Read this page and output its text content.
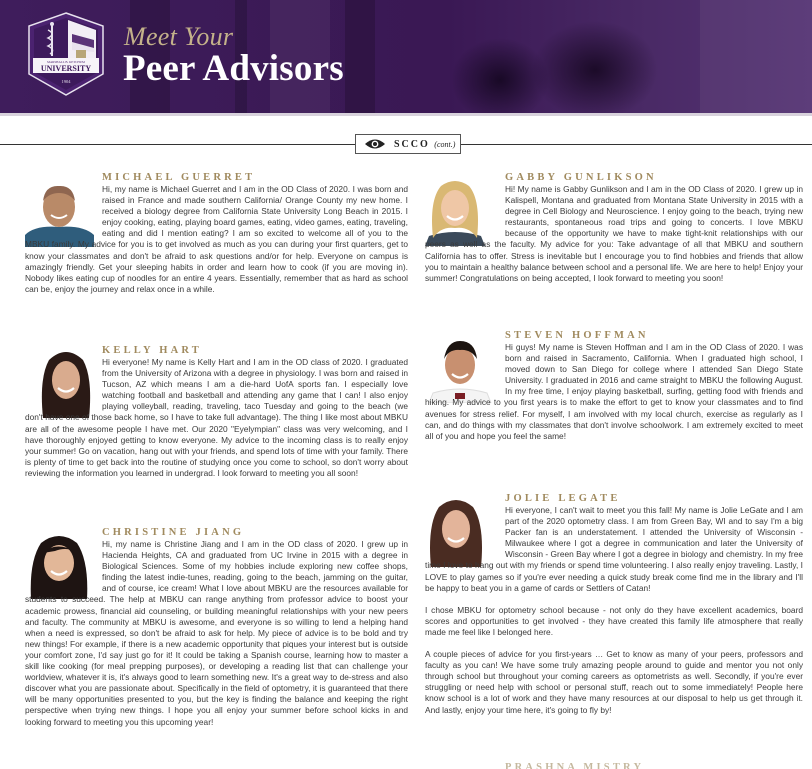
MARSHALL B. KETCHUM
UNIVERSITY
1904
Meet Your
Peer Advisors
SCCO (cont.)
MICHAEL GUERRET

Hi, my name is Michael Guerret and I am in the OD Class of 2020. I was born and raised in France and made southern California/ Orange County my new home. I received a biology degree from California State University Long Beach in 2015. I enjoy cooking, eating, playing board games, eating, video games, eating, traveling, eating and did I mention eating? I am so excited to welcome all of you to the MBKU family. My advice for you is to get involved as much as you can during your first quarters, get to know your classmates and don't be afraid to ask questions and/or for help. Everyone on campus is amazingly friendly. Get your sleeping habits in order and learn how to cook (if you are moving in). Nobody likes eating cup of noodles for an entire 4 years. Essentially, remember that as hard as school can be, enjoy the journey and relax once in a while.

KELLY HART

Hi everyone! My name is Kelly Hart and I am in the OD class of 2020. I graduated from the University of Arizona with a degree in physiology. I was born and raised in Tucson, AZ which means I am a die-hard UofA sports fan. I especially love watching football and basketball and attending any game that I can! I also enjoy playing volleyball, reading, traveling, taco Tuesday and going to the beach (we don't have one of those back home, so I have to take full advantage). The thing I like most about MBKU are all of the awesome people I have met. Our 2020 "Eyelympian" class was very welcoming, and I have thoroughly enjoyed getting to know everyone. My advice to the incoming class is to really enjoy your summer! Go on vacation, hang out with your friends, and spend lots of time with your family. There is plenty of time to get back into the routine of studying once you come to school, so don't worry about reviewing the information you learned in undergrad. I look forward to meeting you all soon!

CHRISTINE JIANG

Hi, my name is Christine Jiang and I am in the OD class of 2020. I grew up in Hacienda Heights, CA and graduated from UC Irvine in 2015 with a degree in Biological Sciences. Some of my hobbies include exploring new coffee shops, finding the latest indie-tunes, reading, going to the beach, jamming on the guitar, and of course, ice cream! What I love about MBKU are the resources available for students to succeed. The help at MBKU can range anything from professor advice to boost your academic prowess, financial aid counseling, or building meaningful relationships with your new peers and faculty. The community at MBKU is awesome, and everyone is so willing to lend a helping hand when a need is expressed, so don't be afraid to ask for help. My piece of advice is to be bold and try new things! For example, if there is a new academic opportunity that piques your interest but is outside your comfort zone, I'd say just go for it! It could be taking a Spanish course, learning how to master a skill like cooking (for meal prepping purposes), or developing a reading list that can challenge your worldview, whatever it is, it's always good to learn something new. It's a great way to de-stress and also discover what you are passionate about. Specifically in the field of optometry, it is guaranteed that there will be many opportunities presented to you, but the key is finding the balance and keeping the right perspective when trying new things. I hope you all enjoy your summer before school kicks in and looking forward to meeting you this upcoming year!

GABBY GUNLIKSON

Hi! My name is Gabby Gunlikson and I am in the OD Class of 2020. I grew up in Kalispell, Montana and graduated from Montana State University in 2015 with a degree in Cell Biology and Neuroscience. I enjoy going to the beach, trying new restaurants, spontaneous road trips and going to concerts. I love MBKU because of the opportunity we have to make tight-knit relationships with our peers as well as the faculty. My advice for you: Take advantage of all that MBKU and southern California has to offer. Stress is inevitable but I encourage you to find hobbies and friends that allow you to maintain a healthy balance between school and a personal life. We are here to help! Enjoy your summer! Congratulations on being accepted, I look forward to meeting you soon!

STEVEN HOFFMAN

Hi guys! My name is Steven Hoffman and I am in the OD Class of 2020. I was born and raised in Sacramento, California. When I graduated high school, I moved down to San Diego for college where I attended San Diego State University. I graduated in 2016 and came straight to MBKU the following August. In my free time, I enjoy playing basketball, surfing, getting food with friends and hiking. My advice to you first years is to make the effort to get to know your classmates and to find avenues for stress relief. For myself, I am involved with my local church, exercise as regularly as I can, and do things with my classmates that don't involve schoolwork. I am extremely excited to meet all of you and hope you feel the same!

JOLIE LEGATE

Hi everyone, I can't wait to meet you this fall! My name is Jolie LeGate and I am part of the 2020 optometry class. I am from Green Bay, WI and to say I'm a big Packer fan is an understatement. I attended the University of Wisconsin - Milwaukee where I got a degree in communication and later the University of Wisconsin - Green Bay where I got a degree in biology and chemistry. In my free time I love to hang out with my friends or spend time volunteering. I also really enjoy traveling. Lastly, I LOVE to play games so if you're ever needing a quick study break come find me in the library and I'll be happy to beat you in a game of cards or Settlers of Catan!

I chose MBKU for optometry school because - not only do they have excellent academics, board scores and opportunities to get involved - they have created this family life atmosphere that really made me feel like I belonged here.

A couple pieces of advice for you first-years … Get to know as many of your peers, professors and faculty as you can! We have some truly amazing people around to guide and mentor you not only through school but throughout your coming careers as optometrists as well. Secondly, if you're ever struggling or need help with school or personal stuff, reach out to some immediately! People here know school is a lot of work and they have many resources at our disposal to help us get through it. And lastly, enjoy your time here, it's going to fly by!

PRASHNA MISTRY
